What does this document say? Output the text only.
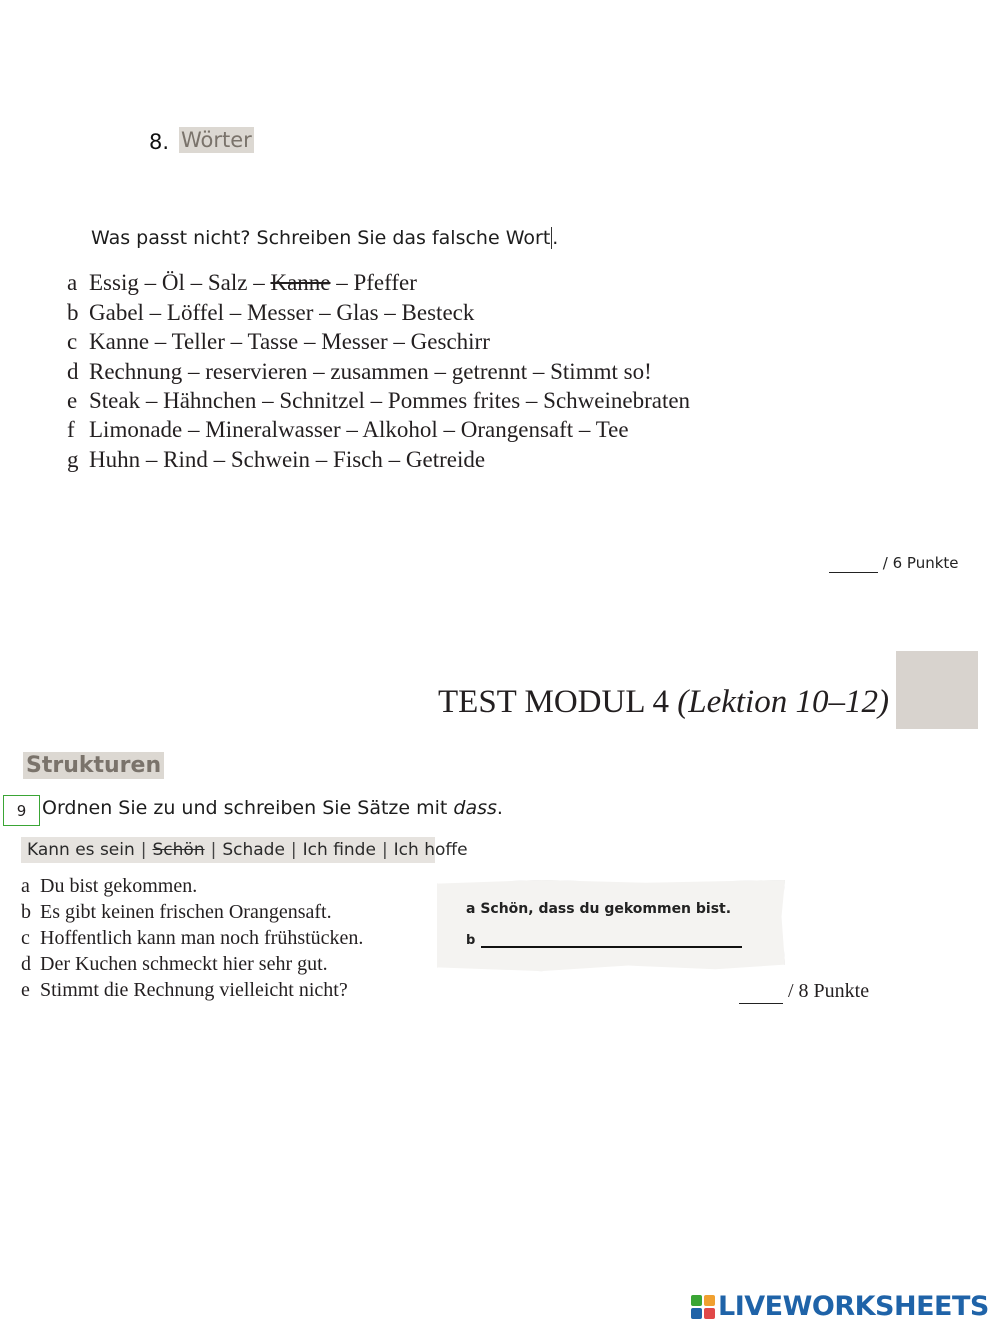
8. Wörter
Was passt nicht? Schreiben Sie das falsche Wort .
a Essig – Öl – Salz – Kanne – Pfeffer
b Gabel – Löffel – Messer – Glas – Besteck
c Kanne – Teller – Tasse – Messer – Geschirr
d Rechnung – reservieren – zusammen – getrennt – Stimmt so!
e Steak – Hähnchen – Schnitzel – Pommes frites – Schweinebraten
f Limonade – Mineralwasser – Alkohol – Orangensaft – Tee
g Huhn – Rind – Schwein – Fisch – Getreide
/ 6 Punkte
TEST MODUL 4 (Lektion 10–12)
Strukturen
9 Ordnen Sie zu und schreiben Sie Sätze mit dass.
Kann es sein | Schön | Schade | Ich finde | Ich hoffe
a Du bist gekommen.
b Es gibt keinen frischen Orangensaft.
c Hoffentlich kann man noch frühstücken.
d Der Kuchen schmeckt hier sehr gut.
e Stimmt die Rechnung vielleicht nicht?
a Schön, dass du gekommen bist.
b
/ 8 Punkte
LIVEWORKSHEETS
